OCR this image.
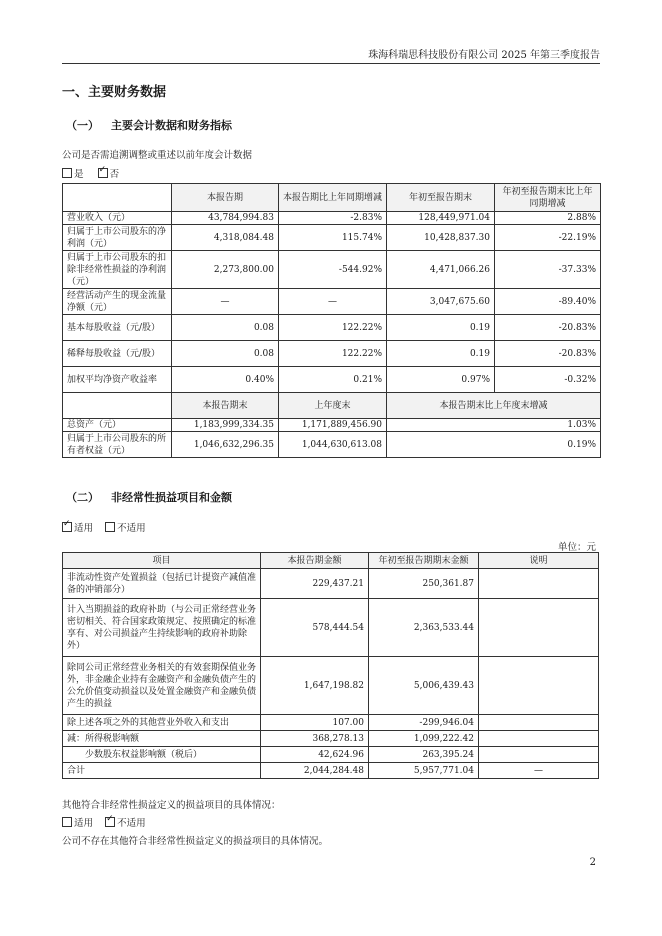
珠海科瑞思科技股份有限公司 2025 年第三季度报告
一、主要财务数据
（一） 主要会计数据和财务指标
公司是否需追溯调整或重述以前年度会计数据
是 ✓	否
	本报告期	本报告期比上年同期增减	年初至报告期末	年初至报告期末比上年同期增减
营业收入（元）	43,784,994.83	-2.83%	128,449,971.04	2.88%
归属于上市公司股东的净利润（元）	4,318,084.48	115.74%	10,428,837.30	-22.19%
归属于上市公司股东的扣除非经常性损益的净利润（元）	2,273,800.00	-544.92%	4,471,066.26	-37.33%
经营活动产生的现金流量净额（元）	—	—	3,047,675.60	-89.40%
基本每股收益（元/股）	0.08	122.22%	0.19	-20.83%
稀释每股收益（元/股）	0.08	122.22%	0.19	-20.83%
加权平均净资产收益率	0.40%	0.21%	0.97%	-0.32%
	本报告期末	上年度末	本报告期末比上年度末增减	
总资产（元）	1,183,999,334.35	1,171,889,456.90	1.03%	
归属于上市公司股东的所有者权益（元）	1,046,632,296.35	1,044,630,613.08	0.19%	
（二） 非经常性损益项目和金额
✓适用	不适用
单位：元
项目	本报告期金额	年初至报告期期末金额	说明
非流动性资产处置损益（包括已计提资产减值准备的冲销部分）	229,437.21	250,361.87	
计入当期损益的政府补助（与公司正常经营业务密切相关、符合国家政策规定、按照确定的标准享有、对公司损益产生持续影响的政府补助除外）	578,444.54	2,363,533.44	
除同公司正常经营业务相关的有效套期保值业务外，非金融企业持有金融资产和金融负债产生的公允价值变动损益以及处置金融资产和金融负债产生的损益	1,647,198.82	5,006,439.43	
除上述各项之外的其他营业外收入和支出	107.00	-299,946.04	
减：所得税影响额	368,278.13	1,099,222.42	
少数股东权益影响额（税后）	42,624.96	263,395.24	
合计	2,044,284.48	5,957,771.04	—
其他符合非经常性损益定义的损益项目的具体情况：
适用 ✓	不适用
公司不存在其他符合非经常性损益定义的损益项目的具体情况。
2
